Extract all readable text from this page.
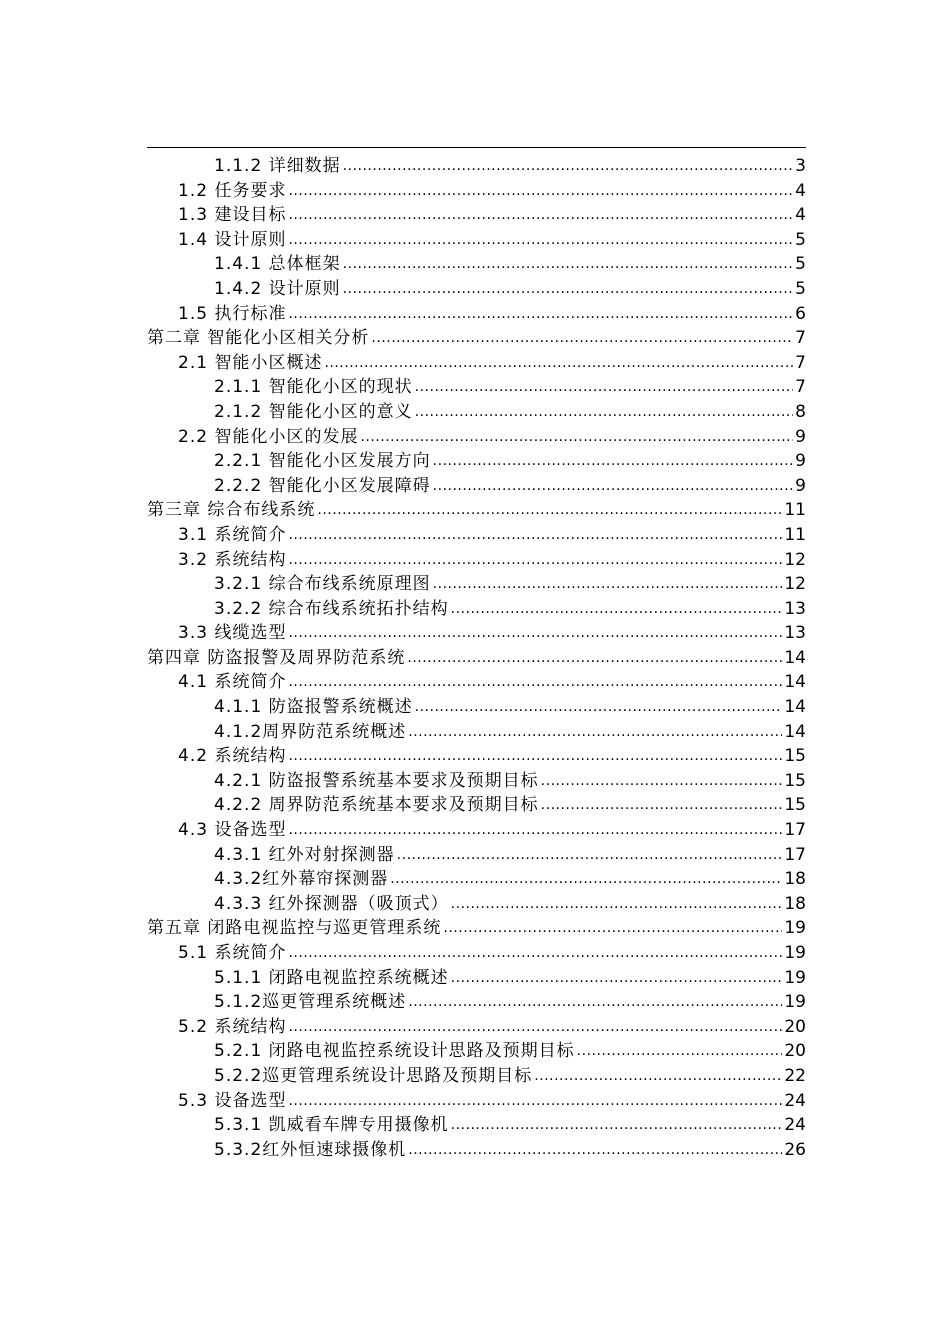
1.1.2 详细数据 .....	3
1.2 任务要求 .....	4
1.3 建设目标 .....	4
1.4 设计原则 .....	5
1.4.1 总体框架 .....	5
1.4.2 设计原则 .....	5
1.5 执行标准 .....	6
第二章 智能化小区相关分析 .....	7
2.1 智能小区概述 .....	7
2.1.1 智能化小区的现状 .....	7
2.1.2 智能化小区的意义 .....	8
2.2 智能化小区的发展 .....	9
2.2.1 智能化小区发展方向 .....	9
2.2.2 智能化小区发展障碍 .....	9
第三章 综合布线系统 .....	11
3.1 系统简介 .....	11
3.2 系统结构 .....	12
3.2.1 综合布线系统原理图 .....	12
3.2.2 综合布线系统拓扑结构 .....	13
3.3 线缆选型 .....	13
第四章 防盗报警及周界防范系统 .....	14
4.1 系统简介 .....	14
4.1.1 防盗报警系统概述 .....	14
4.1.2周界防范系统概述 .....	14
4.2 系统结构 .....	15
4.2.1 防盗报警系统基本要求及预期目标 .....	15
4.2.2 周界防范系统基本要求及预期目标 .....	15
4.3 设备选型 .....	17
4.3.1 红外对射探测器 .....	17
4.3.2红外幕帘探测器 .....	18
4.3.3 红外探测器（吸顶式） .....	18
第五章 闭路电视监控与巡更管理系统 .....	19
5.1 系统简介 .....	19
5.1.1 闭路电视监控系统概述 .....	19
5.1.2巡更管理系统概述 .....	19
5.2 系统结构 .....	20
5.2.1 闭路电视监控系统设计思路及预期目标 .....	20
5.2.2巡更管理系统设计思路及预期目标 .....	22
5.3 设备选型 .....	24
5.3.1 凯威看车牌专用摄像机 .....	24
5.3.2红外恒速球摄像机 .....	26
